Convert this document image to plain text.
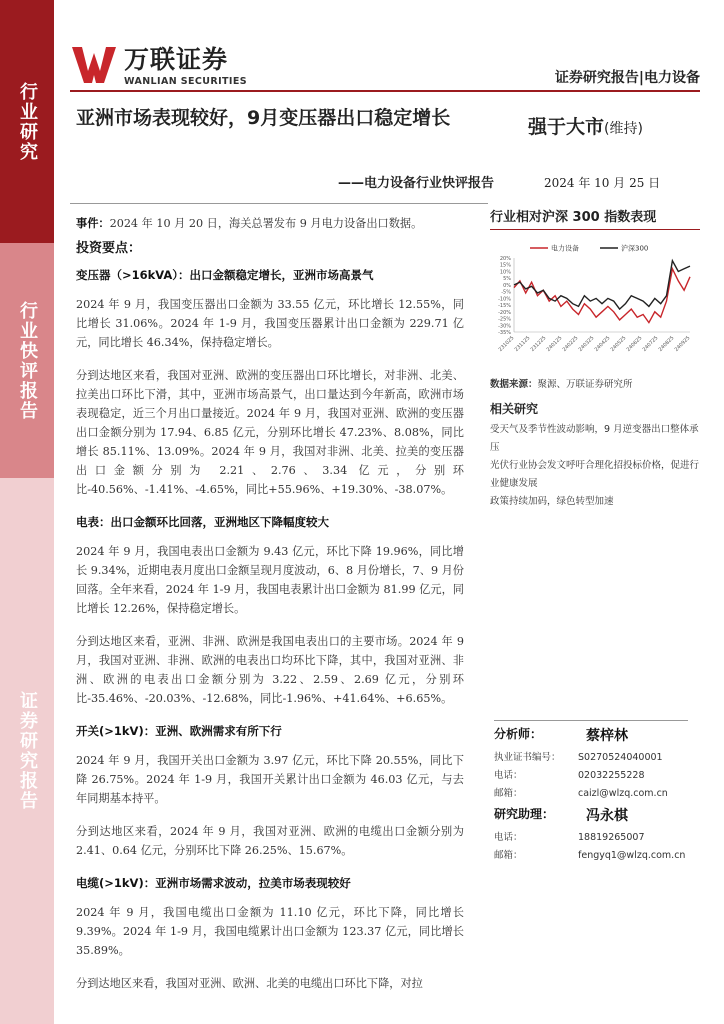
行业研究
行业快评报告
证券研究报告
万联证券
WANLIAN SECURITIES	证券研究报告|电力设备
亚洲市场表现较好，9月变压器出口稳定增长
——电力设备行业快评报告
强于大市(维持)
2024 年 10 月 25 日

事件：2024 年 10 月 20 日，海关总署发布 9 月电力设备出口数据。

投资要点：
变压器（>16kVA）：出口金额稳定增长，亚洲市场高景气

2024 年 9 月，我国变压器出口金额为 33.55 亿元，环比增长 12.55%，同比增长 31.06%。2024 年 1-9 月，我国变压器累计出口金额为 229.71 亿元，同比增长 46.34%，保持稳定增长。

分到达地区来看，我国对亚洲、欧洲的变压器出口环比增长，对非洲、北美、拉美出口环比下滑，其中，亚洲市场高景气，出口量达到今年新高，欧洲市场表现稳定，近三个月出口量接近。2024 年 9 月，我国对亚洲、欧洲的变压器出口金额分别为 17.94、6.85 亿元，分别环比增长 47.23%、8.08%，同比增长 85.11%、13.09%。2024 年 9 月，我国对非洲、北美、拉美的变压器出口金额分别为 2.21、2.76、3.34 亿元，分别环比-40.56%、-1.41%、-4.65%，同比+55.96%、+19.30%、-38.07%。

电表：出口金额环比回落，亚洲地区下降幅度较大

2024 年 9 月，我国电表出口金额为 9.43 亿元，环比下降 19.96%，同比增长 9.34%，近期电表月度出口金额呈现月度波动，6、8 月份增长，7、9 月份回落。全年来看，2024 年 1-9 月，我国电表累计出口金额为 81.99 亿元，同比增长 12.26%，保持稳定增长。

分到达地区来看，亚洲、非洲、欧洲是我国电表出口的主要市场。2024 年 9 月，我国对亚洲、非洲、欧洲的电表出口均环比下降，其中，我国对亚洲、非洲、欧洲的电表出口金额分别为 3.22、2.59、2.69 亿元，分别环比-35.46%、-20.03%、-12.68%，同比-1.96%、+41.64%、+6.65%。

开关(>1kV)：亚洲、欧洲需求有所下行

2024 年 9 月，我国开关出口金额为 3.97 亿元，环比下降 20.55%，同比下降 26.75%。2024 年 1-9 月，我国开关累计出口金额为 46.03 亿元，与去年同期基本持平。

分到达地区来看，2024 年 9 月，我国对亚洲、欧洲的电缆出口金额分别为 2.41、0.64 亿元，分别环比下降 26.25%、15.67%。

电缆(>1kV)：亚洲市场需求波动，拉美市场表现较好

2024 年 9 月，我国电缆出口金额为 11.10 亿元，环比下降，同比增长 9.39%。2024 年 1-9 月，我国电缆累计出口金额为 123.37 亿元，同比增长 35.89%。

分到达地区来看，我国对亚洲、欧洲、北美的电缆出口环比下降，对拉

行业相对沪深 300 指数表现
20%
15%
10%
5%
0%
-5%
-10%
-15%
-20%
-25%
-30%
-35%
231025
231125
231225
240125
240225
240325
240425
240525
240625
240725
240825
240925
电力设备	沪深300
数据来源：聚源、万联证券研究所
相关研究
受天气及季节性波动影响，9 月逆变器出口整体承压
光伏行业协会发文呼吁合理化招投标价格，促进行业健康发展
政策持续加码，绿色转型加速
分析师：	蔡梓林
执业证书编号：	S0270524040001
电话：	02032255228
邮箱：	caizl@wlzq.com.cn
研究助理： 冯永棋
电话：	18819265007
邮箱：	fengyq1@wlzq.com.cn
